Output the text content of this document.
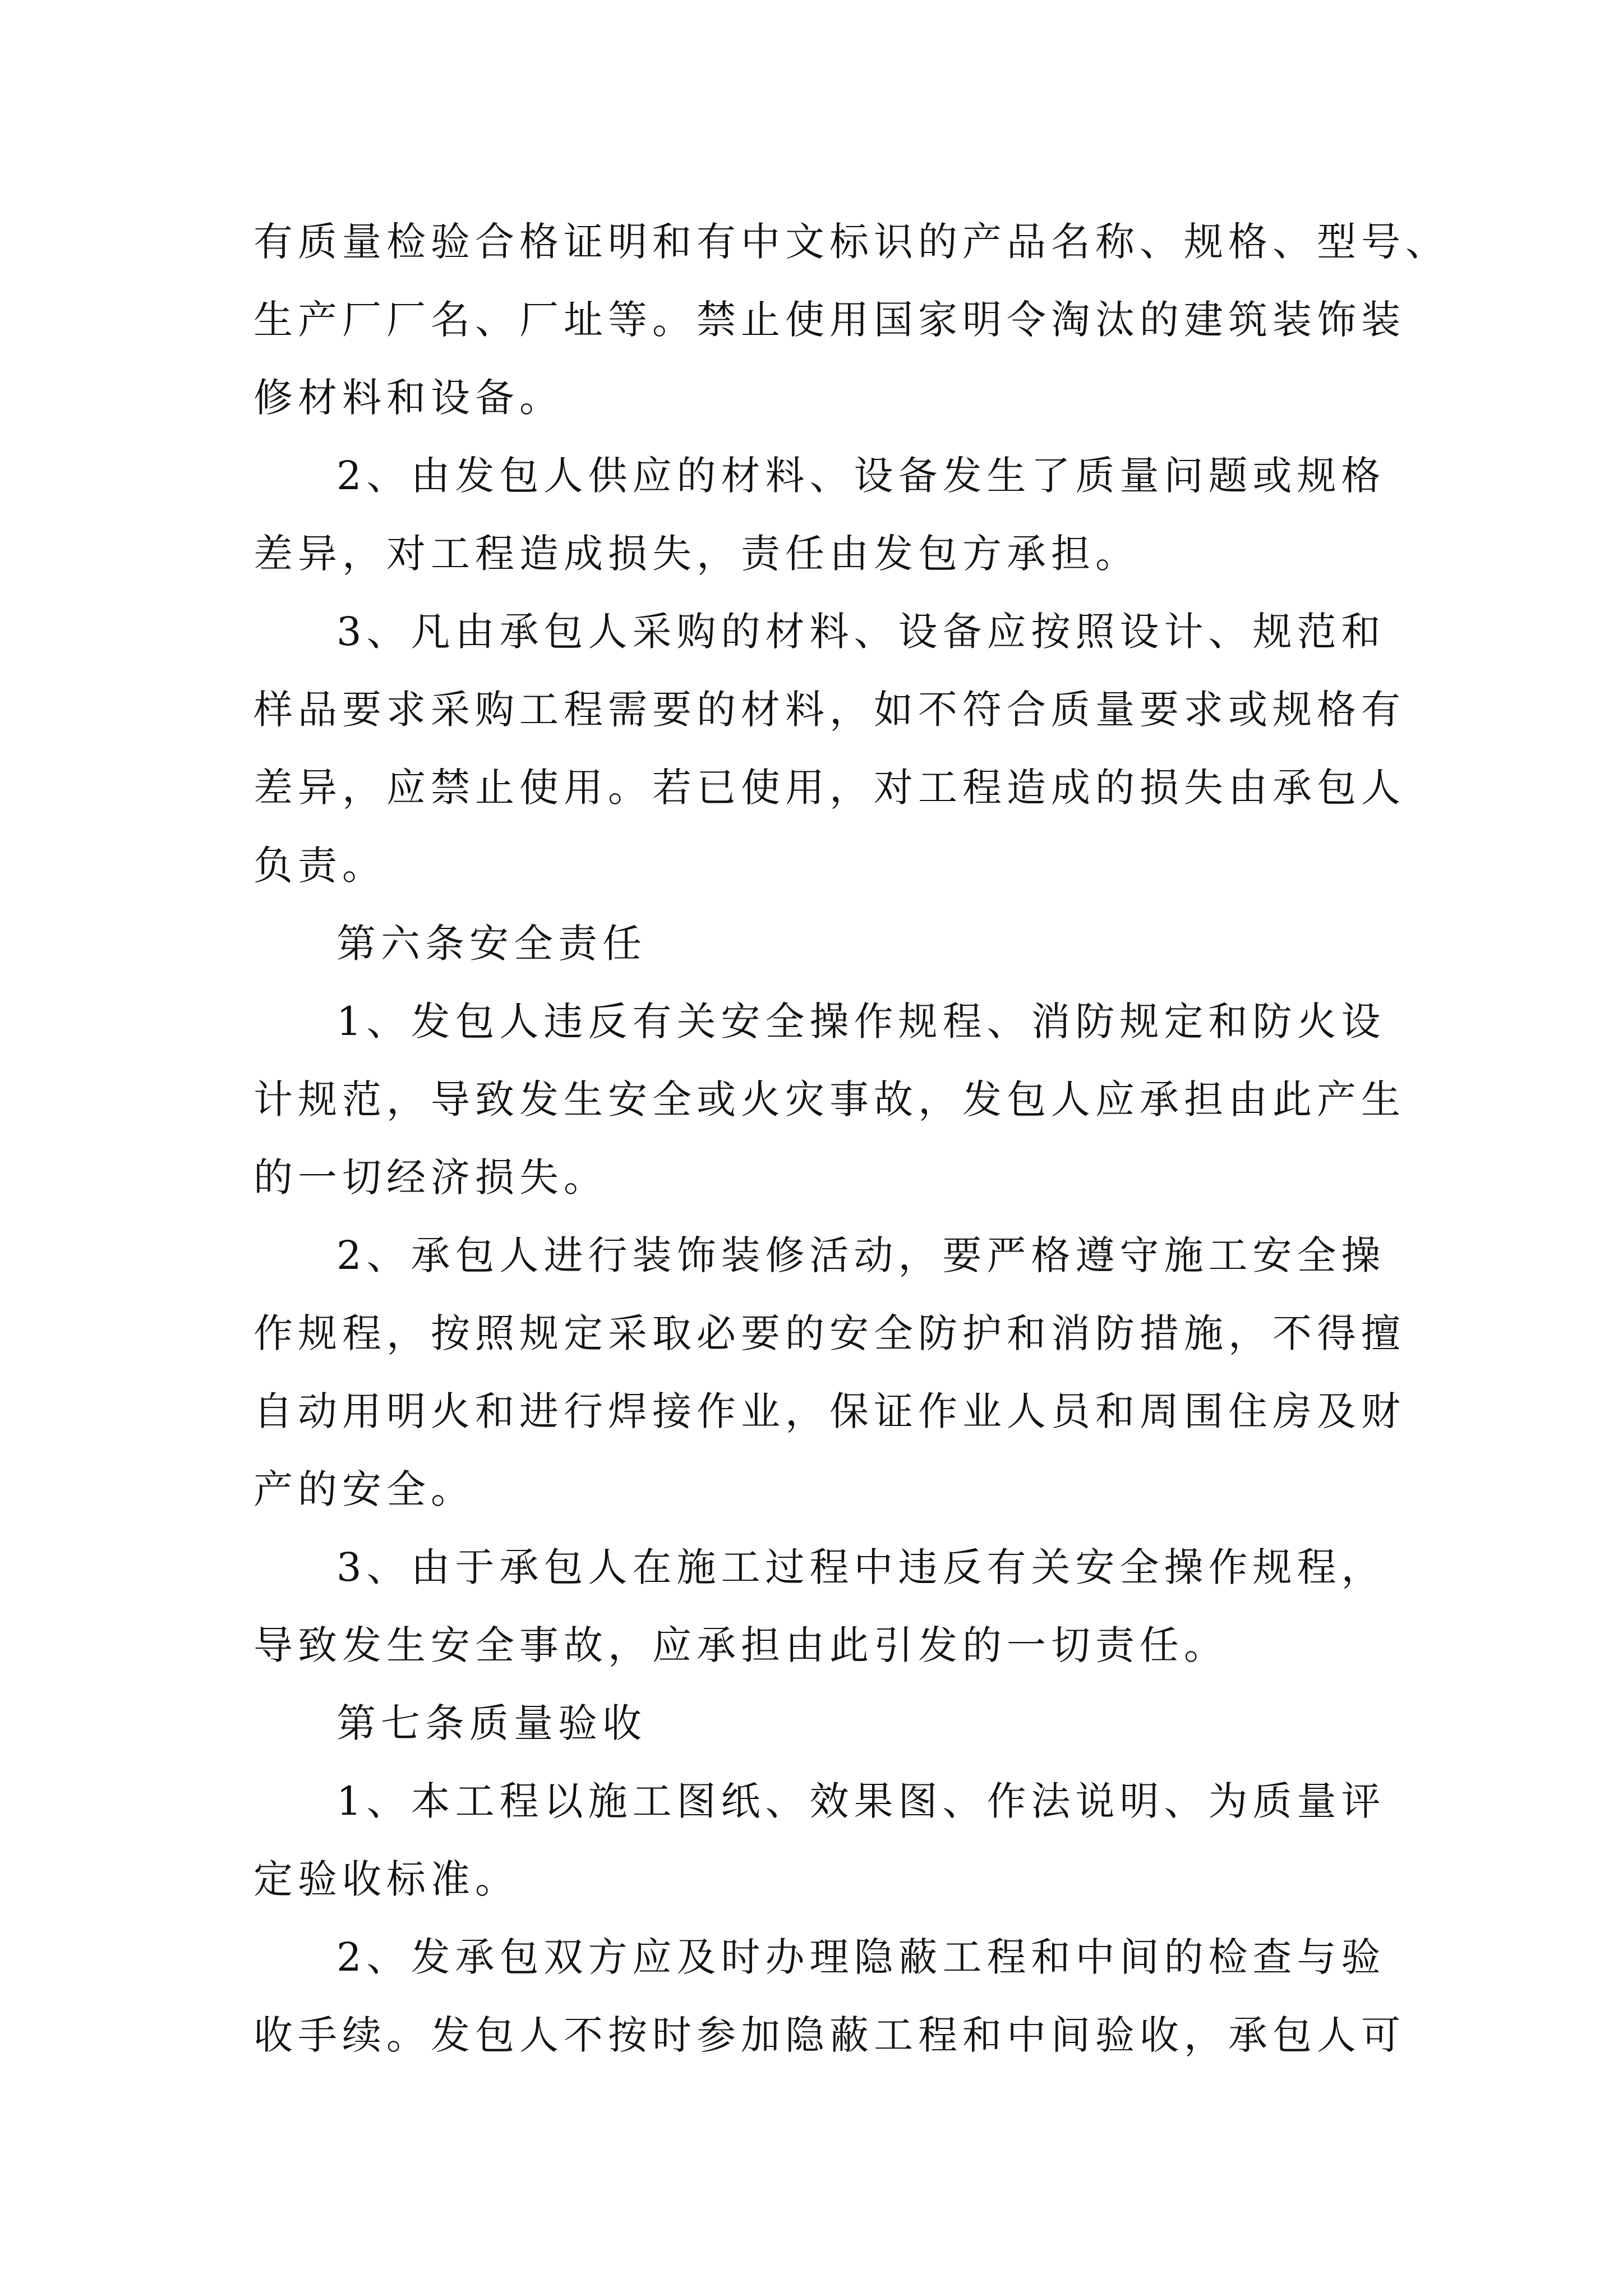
有质量检验合格证明和有中文标识的产品名称、规格、型号、
生产厂厂名、厂址等。禁止使用国家明令淘汰的建筑装饰装
修材料和设备。
2、由发包人供应的材料、设备发生了质量问题或规格
差异，对工程造成损失，责任由发包方承担。
3、凡由承包人采购的材料、设备应按照设计、规范和
样品要求采购工程需要的材料，如不符合质量要求或规格有
差异，应禁止使用。若已使用，对工程造成的损失由承包人
负责。
第六条安全责任
1、发包人违反有关安全操作规程、消防规定和防火设
计规范，导致发生安全或火灾事故，发包人应承担由此产生
的一切经济损失。
2、承包人进行装饰装修活动，要严格遵守施工安全操
作规程，按照规定采取必要的安全防护和消防措施，不得擅
自动用明火和进行焊接作业，保证作业人员和周围住房及财
产的安全。
3、由于承包人在施工过程中违反有关安全操作规程，
导致发生安全事故，应承担由此引发的一切责任。
第七条质量验收
1、本工程以施工图纸、效果图、作法说明、为质量评
定验收标准。
2、发承包双方应及时办理隐蔽工程和中间的检查与验
收手续。发包人不按时参加隐蔽工程和中间验收，承包人可
